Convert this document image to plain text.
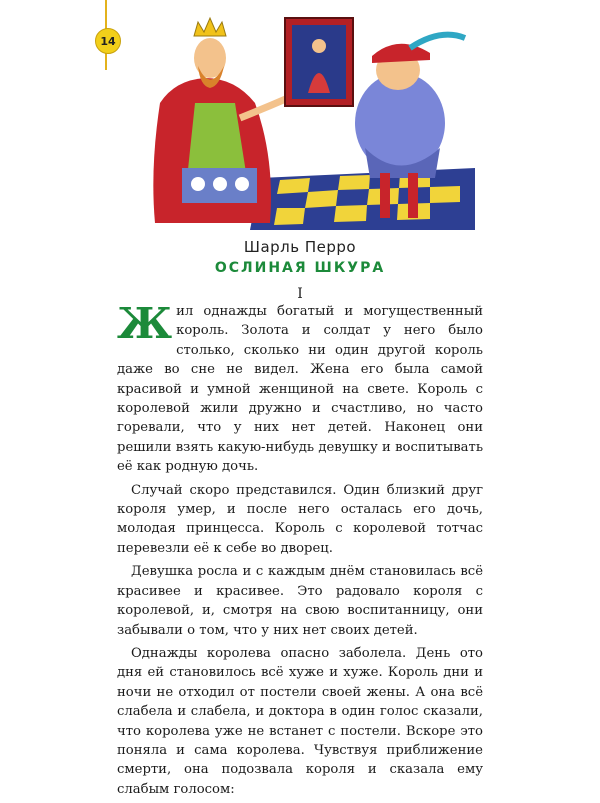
14
Шарль Перро
ОСЛИНАЯ ШКУРА
I

Жил однажды богатый и могущественный король. Золота и солдат у него было столько, сколько ни один другой король даже во сне не видел. Жена его была самой красивой и умной женщиной на свете. Король с королевой жили дружно и счастливо, но часто горевали, что у них нет детей. Наконец они решили взять какую-нибудь девушку и воспитывать её как родную дочь.

Случай скоро представился. Один близкий друг короля умер, и после него осталась его дочь, молодая принцесса. Король с королевой тотчас перевезли её к себе во дворец.

Девушка росла и с каждым днём становилась всё красивее и красивее. Это радовало короля с королевой, и, смотря на свою воспитанницу, они забывали о том, что у них нет своих детей.

Однажды королева опасно заболела. День ото дня ей становилось всё хуже и хуже. Король дни и ночи не отходил от постели своей жены. А она всё слабела и слабела, и доктора в один голос сказали, что королева уже не встанет с постели. Вскоре это поняла и сама королева. Чувствуя приближение смерти, она подозвала короля и сказала ему слабым голосом:
